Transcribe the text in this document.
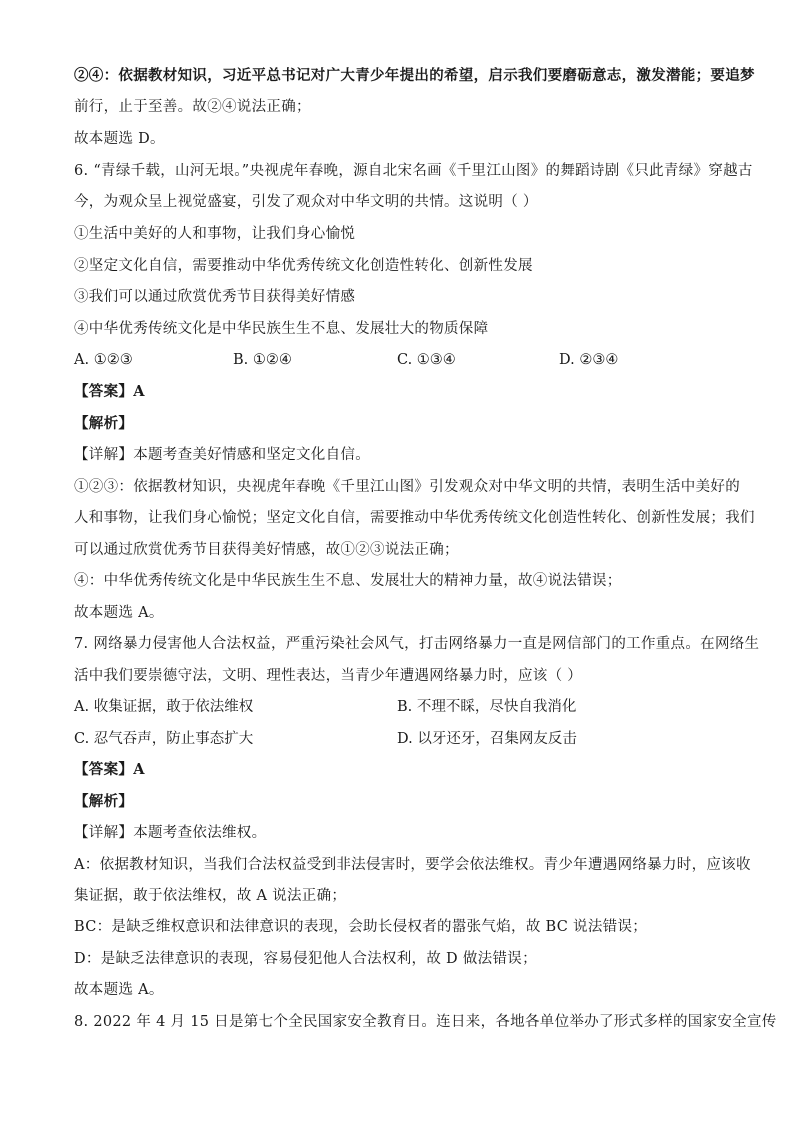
②④：依据教材知识，习近平总书记对广大青少年提出的希望，启示我们要磨砺意志，激发潜能；要追梦
前行，止于至善。故②④说法正确；
故本题选 D。
6. “青绿千载，山河无垠。”央视虎年春晚，源自北宋名画《千里江山图》的舞蹈诗剧《只此青绿》穿越古
今，为观众呈上视觉盛宴，引发了观众对中华文明的共情。这说明（ ）
①生活中美好的人和事物，让我们身心愉悦
②坚定文化自信，需要推动中华优秀传统文化创造性转化、创新性发展
③我们可以通过欣赏优秀节目获得美好情感
④中华优秀传统文化是中华民族生生不息、发展壮大的物质保障
A. ①②③	B. ①②④	C. ①③④	D. ②③④
【答案】A
【解析】
【详解】本题考查美好情感和坚定文化自信。
①②③：依据教材知识，央视虎年春晚《千里江山图》引发观众对中华文明的共情，表明生活中美好的
人和事物，让我们身心愉悦；坚定文化自信，需要推动中华优秀传统文化创造性转化、创新性发展；我们
可以通过欣赏优秀节目获得美好情感，故①②③说法正确；
④：中华优秀传统文化是中华民族生生不息、发展壮大的精神力量，故④说法错误；
故本题选 A。
7. 网络暴力侵害他人合法权益，严重污染社会风气，打击网络暴力一直是网信部门的工作重点。在网络生
活中我们要崇德守法，文明、理性表达，当青少年遭遇网络暴力时，应该（ ）
A. 收集证据，敢于依法维权	B. 不理不睬，尽快自我消化
C. 忍气吞声，防止事态扩大	D. 以牙还牙，召集网友反击
【答案】A
【解析】
【详解】本题考查依法维权。
A：依据教材知识，当我们合法权益受到非法侵害时，要学会依法维权。青少年遭遇网络暴力时，应该收
集证据，敢于依法维权，故 A 说法正确；
BC：是缺乏维权意识和法律意识的表现，会助长侵权者的嚣张气焰，故 BC 说法错误；
D：是缺乏法律意识的表现，容易侵犯他人合法权利，故 D 做法错误；
故本题选 A。
8. 2022 年 4 月 15 日是第七个全民国家安全教育日。连日来，各地各单位举办了形式多样的国家安全宣传
